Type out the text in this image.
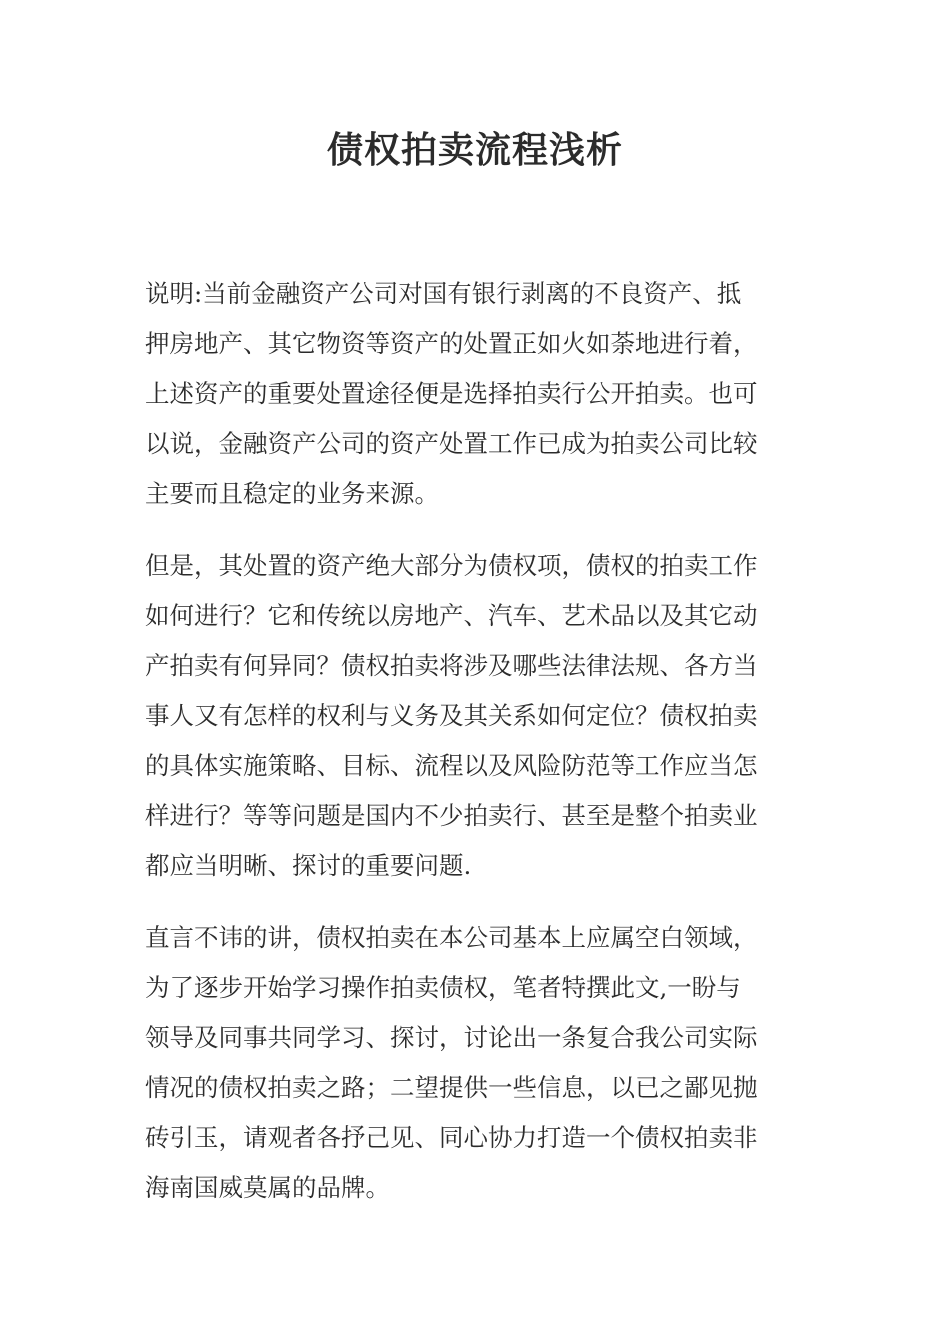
债权拍卖流程浅析
说明:当前金融资产公司对国有银行剥离的不良资产、抵
押房地产、其它物资等资产的处置正如火如荼地进行着，
上述资产的重要处置途径便是选择拍卖行公开拍卖。也可
以说，金融资产公司的资产处置工作已成为拍卖公司比较
主要而且稳定的业务来源。
但是，其处置的资产绝大部分为债权项，债权的拍卖工作
如何进行？它和传统以房地产、汽车、艺术品以及其它动
产拍卖有何异同？债权拍卖将涉及哪些法律法规、各方当
事人又有怎样的权利与义务及其关系如何定位？债权拍卖
的具体实施策略、目标、流程以及风险防范等工作应当怎
样进行？等等问题是国内不少拍卖行、甚至是整个拍卖业
都应当明晰、探讨的重要问题.
直言不讳的讲，债权拍卖在本公司基本上应属空白领域，
为了逐步开始学习操作拍卖债权，笔者特撰此文,一盼与
领导及同事共同学习、探讨，讨论出一条复合我公司实际
情况的债权拍卖之路；二望提供一些信息，以已之鄙见抛
砖引玉，请观者各抒己见、同心协力打造一个债权拍卖非
海南国威莫属的品牌。
